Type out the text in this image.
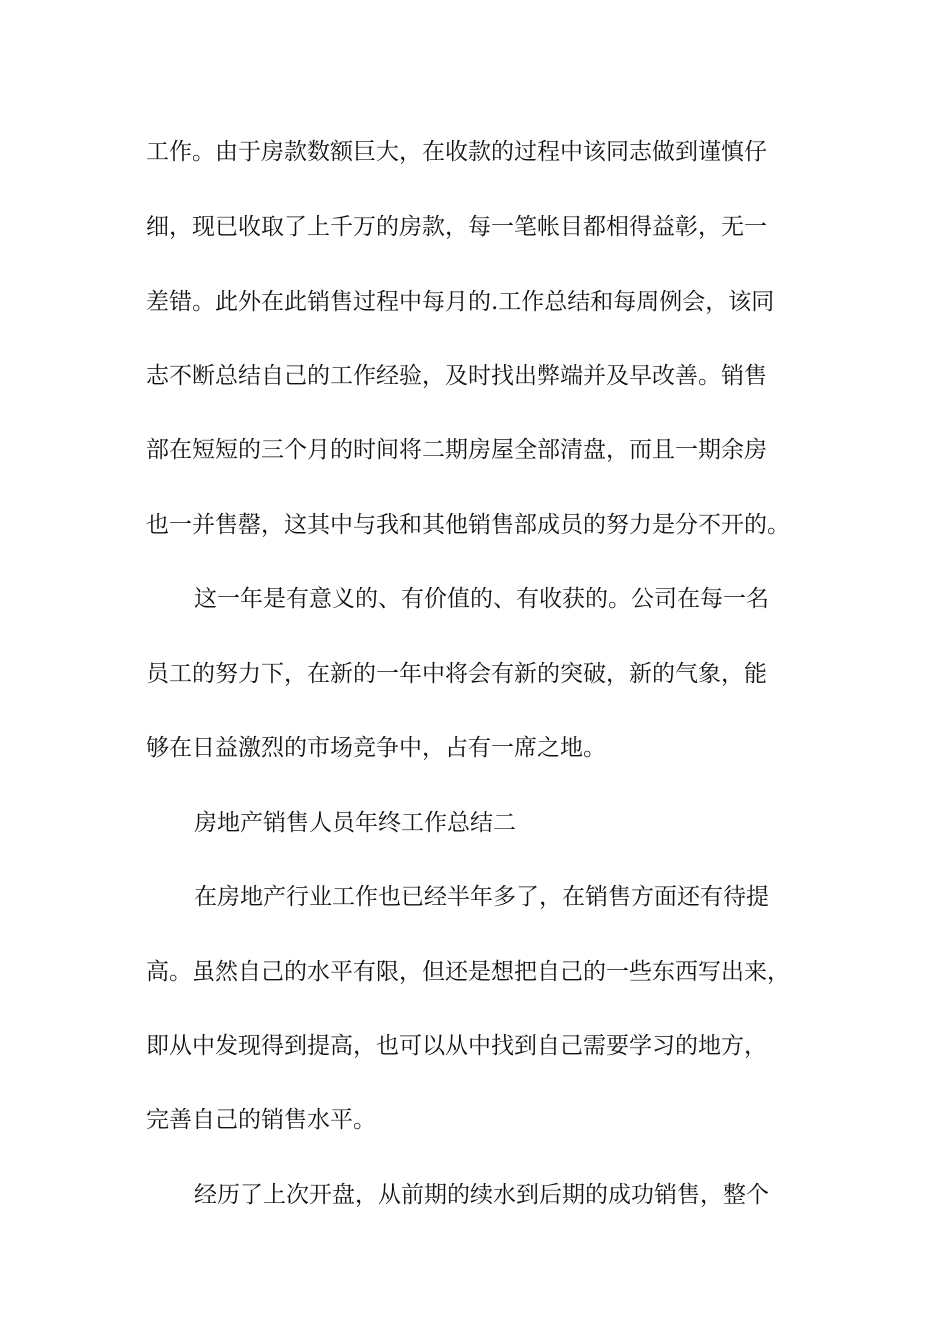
工作。由于房款数额巨大，在收款的过程中该同志做到谨慎仔
细，现已收取了上千万的房款，每一笔帐目都相得益彰，无一
差错。此外在此销售过程中每月的.工作总结和每周例会，该同
志不断总结自己的工作经验，及时找出弊端并及早改善。销售
部在短短的三个月的时间将二期房屋全部清盘，而且一期余房
也一并售罄，这其中与我和其他销售部成员的努力是分不开的。
这一年是有意义的、有价值的、有收获的。公司在每一名
员工的努力下，在新的一年中将会有新的突破，新的气象，能
够在日益激烈的市场竞争中，占有一席之地。
房地产销售人员年终工作总结二
在房地产行业工作也已经半年多了，在销售方面还有待提
高。虽然自己的水平有限，但还是想把自己的一些东西写出来，
即从中发现得到提高，也可以从中找到自己需要学习的地方，
完善自己的销售水平。
经历了上次开盘，从前期的续水到后期的成功销售，整个
